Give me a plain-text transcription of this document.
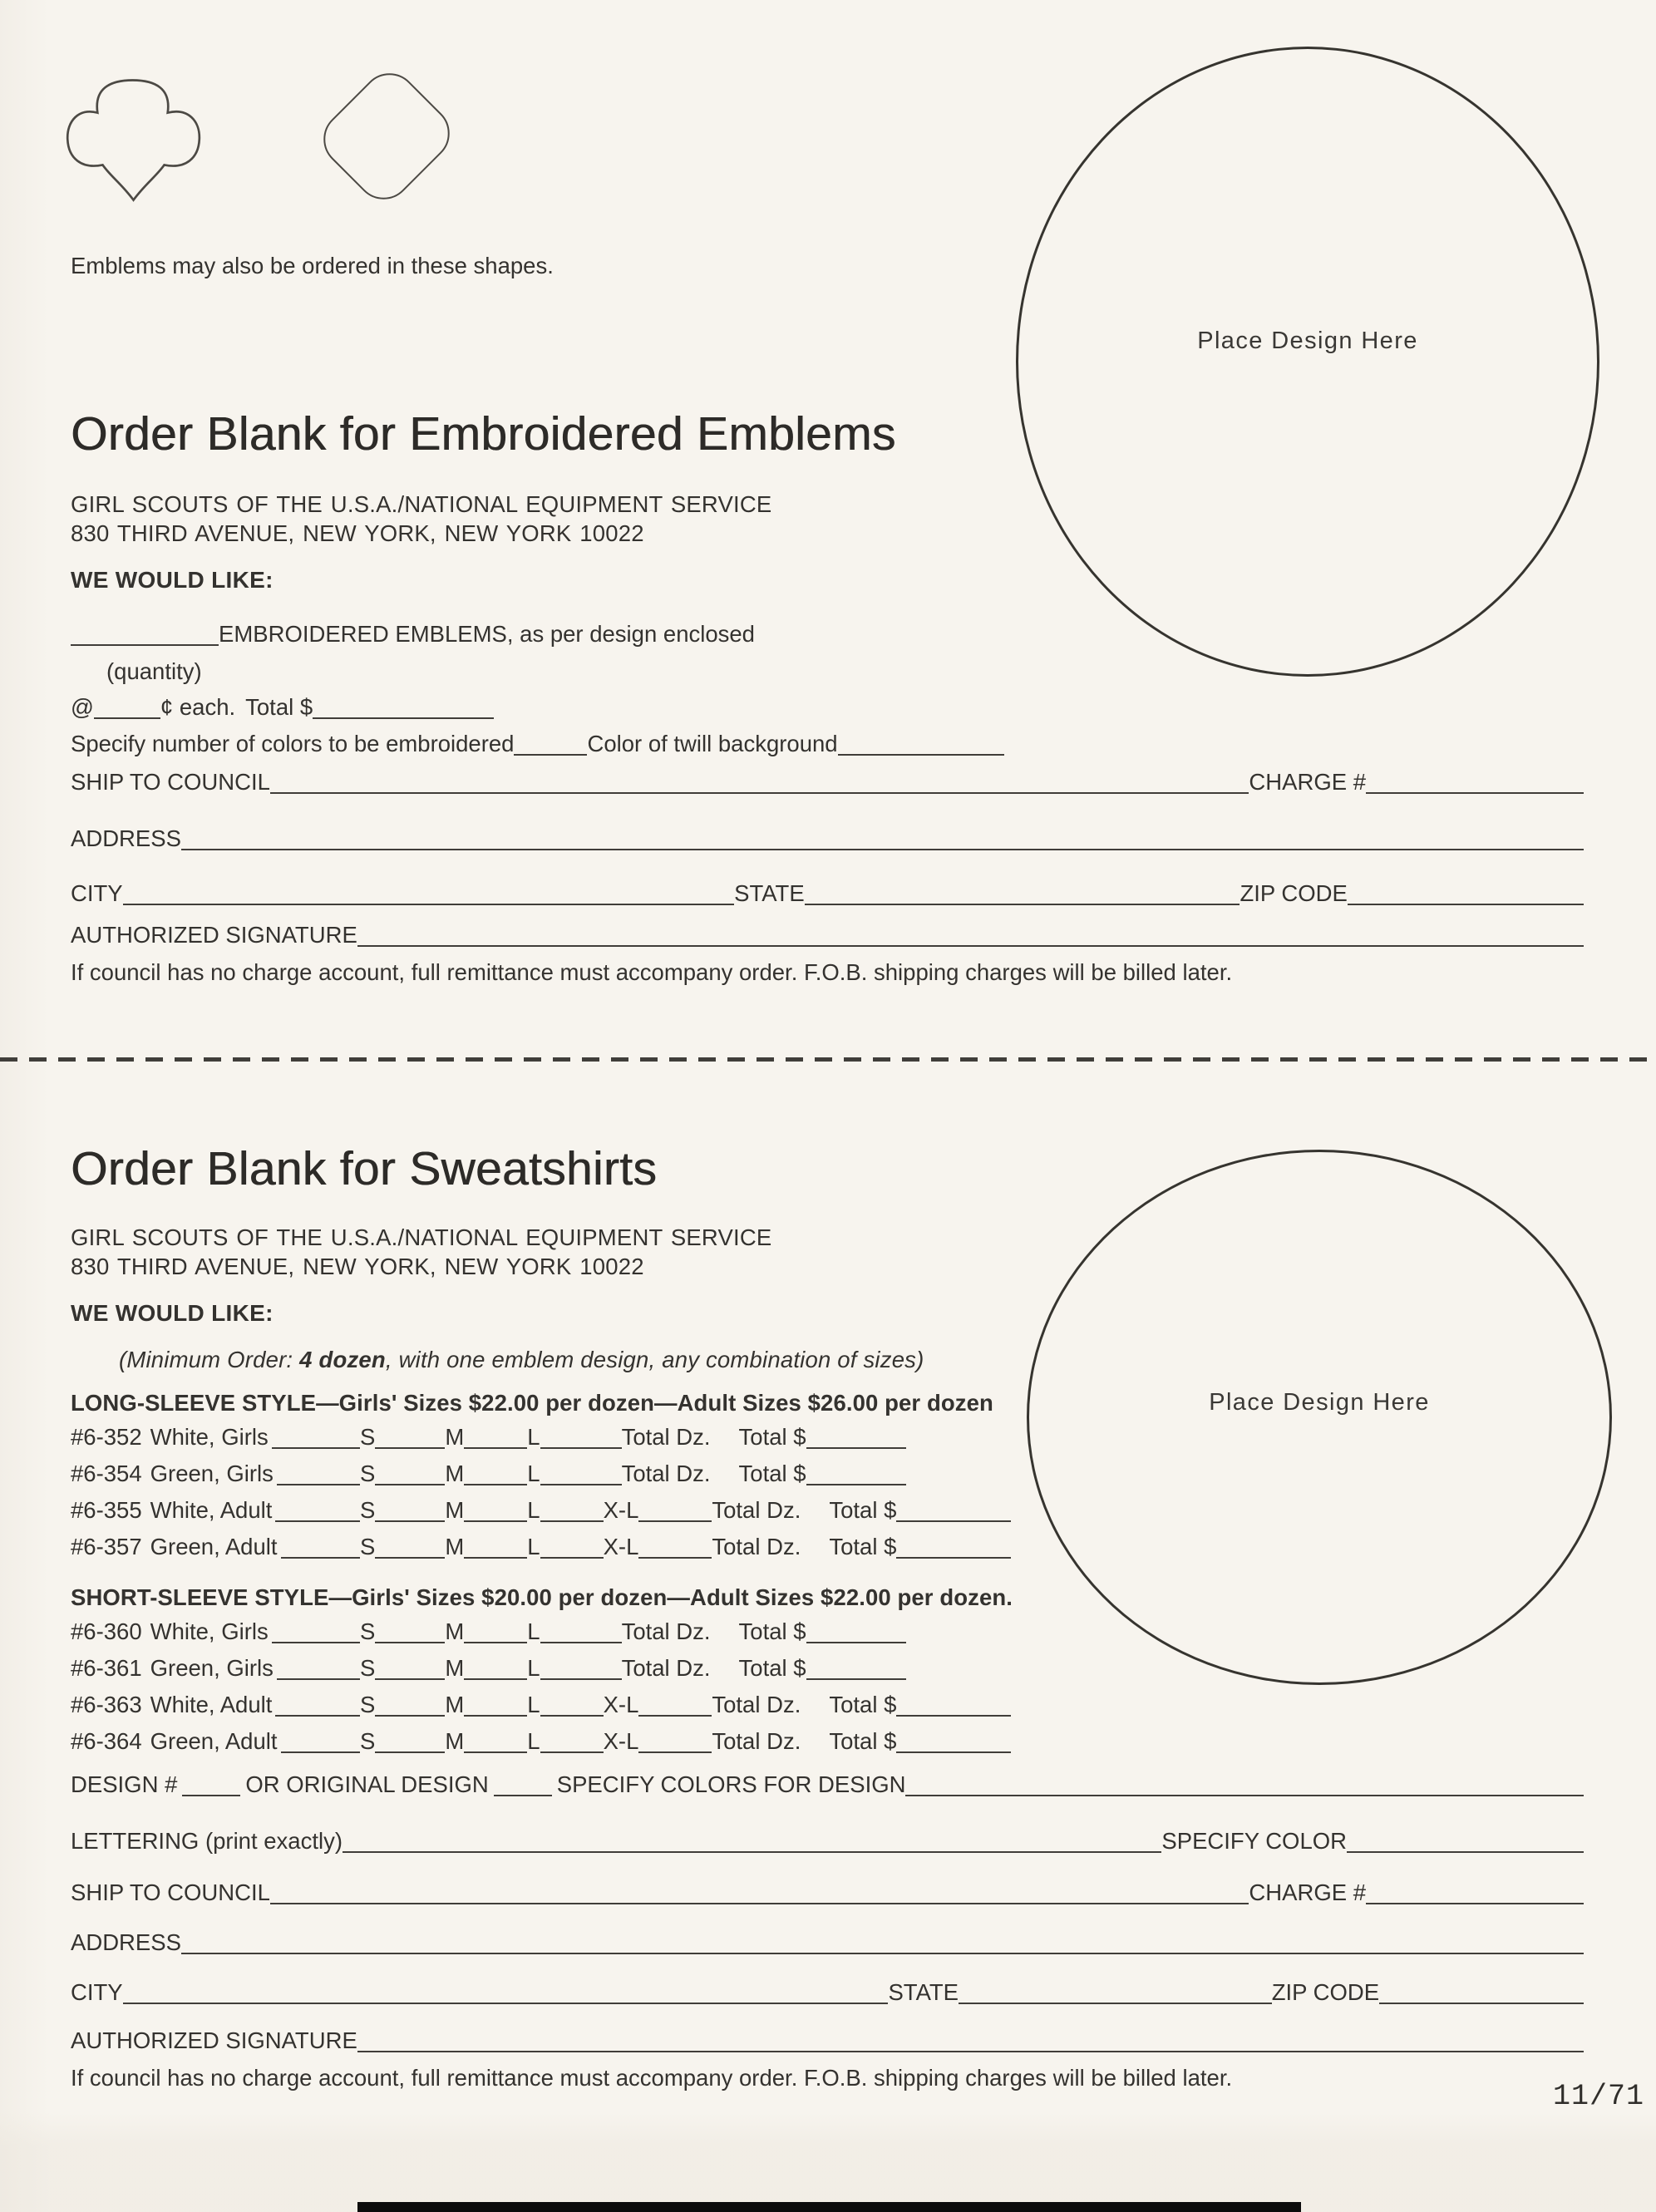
Emblems may also be ordered in these shapes.
Place Design Here
Order Blank for Embroidered Emblems
GIRL SCOUTS OF THE U.S.A./NATIONAL EQUIPMENT SERVICE
830 THIRD AVENUE, NEW YORK, NEW YORK 10022
WE WOULD LIKE:
EMBROIDERED EMBLEMS, as per design enclosed
(quantity)
@	¢ each. Total $
Specify number of colors to be embroidered	Color of twill background
SHIP TO COUNCIL	CHARGE #
ADDRESS
CITY	STATE	ZIP CODE
AUTHORIZED SIGNATURE
If council has no charge account, full remittance must accompany order. F.O.B. shipping charges will be billed later.
Order Blank for Sweatshirts
Place Design Here
GIRL SCOUTS OF THE U.S.A./NATIONAL EQUIPMENT SERVICE
830 THIRD AVENUE, NEW YORK, NEW YORK 10022
WE WOULD LIKE:
(Minimum Order: 4 dozen, with one emblem design, any combination of sizes)
LONG-SLEEVE STYLE—Girls' Sizes $22.00 per dozen—Adult Sizes $26.00 per dozen
#6-352 White, Girls	S	M	L	Total Dz. Total $
#6-354 Green, Girls	S	M	L	Total Dz. Total $
#6-355 White, Adult	S	M	L	X-L	Total Dz. Total $
#6-357 Green, Adult	S	M	L	X-L	Total Dz. Total $
SHORT-SLEEVE STYLE—Girls' Sizes $20.00 per dozen—Adult Sizes $22.00 per dozen.
#6-360 White, Girls	S	M	L	Total Dz. Total $
#6-361 Green, Girls	S	M	L	Total Dz. Total $
#6-363 White, Adult	S	M	L	X-L	Total Dz. Total $
#6-364 Green, Adult	S	M	L	X-L	Total Dz. Total $
DESIGN #	OR ORIGINAL DESIGN	SPECIFY COLORS FOR DESIGN
LETTERING (print exactly)	SPECIFY COLOR
SHIP TO COUNCIL	CHARGE #
ADDRESS
CITY	STATE	ZIP CODE
AUTHORIZED SIGNATURE
If council has no charge account, full remittance must accompany order. F.O.B. shipping charges will be billed later.
11/71
